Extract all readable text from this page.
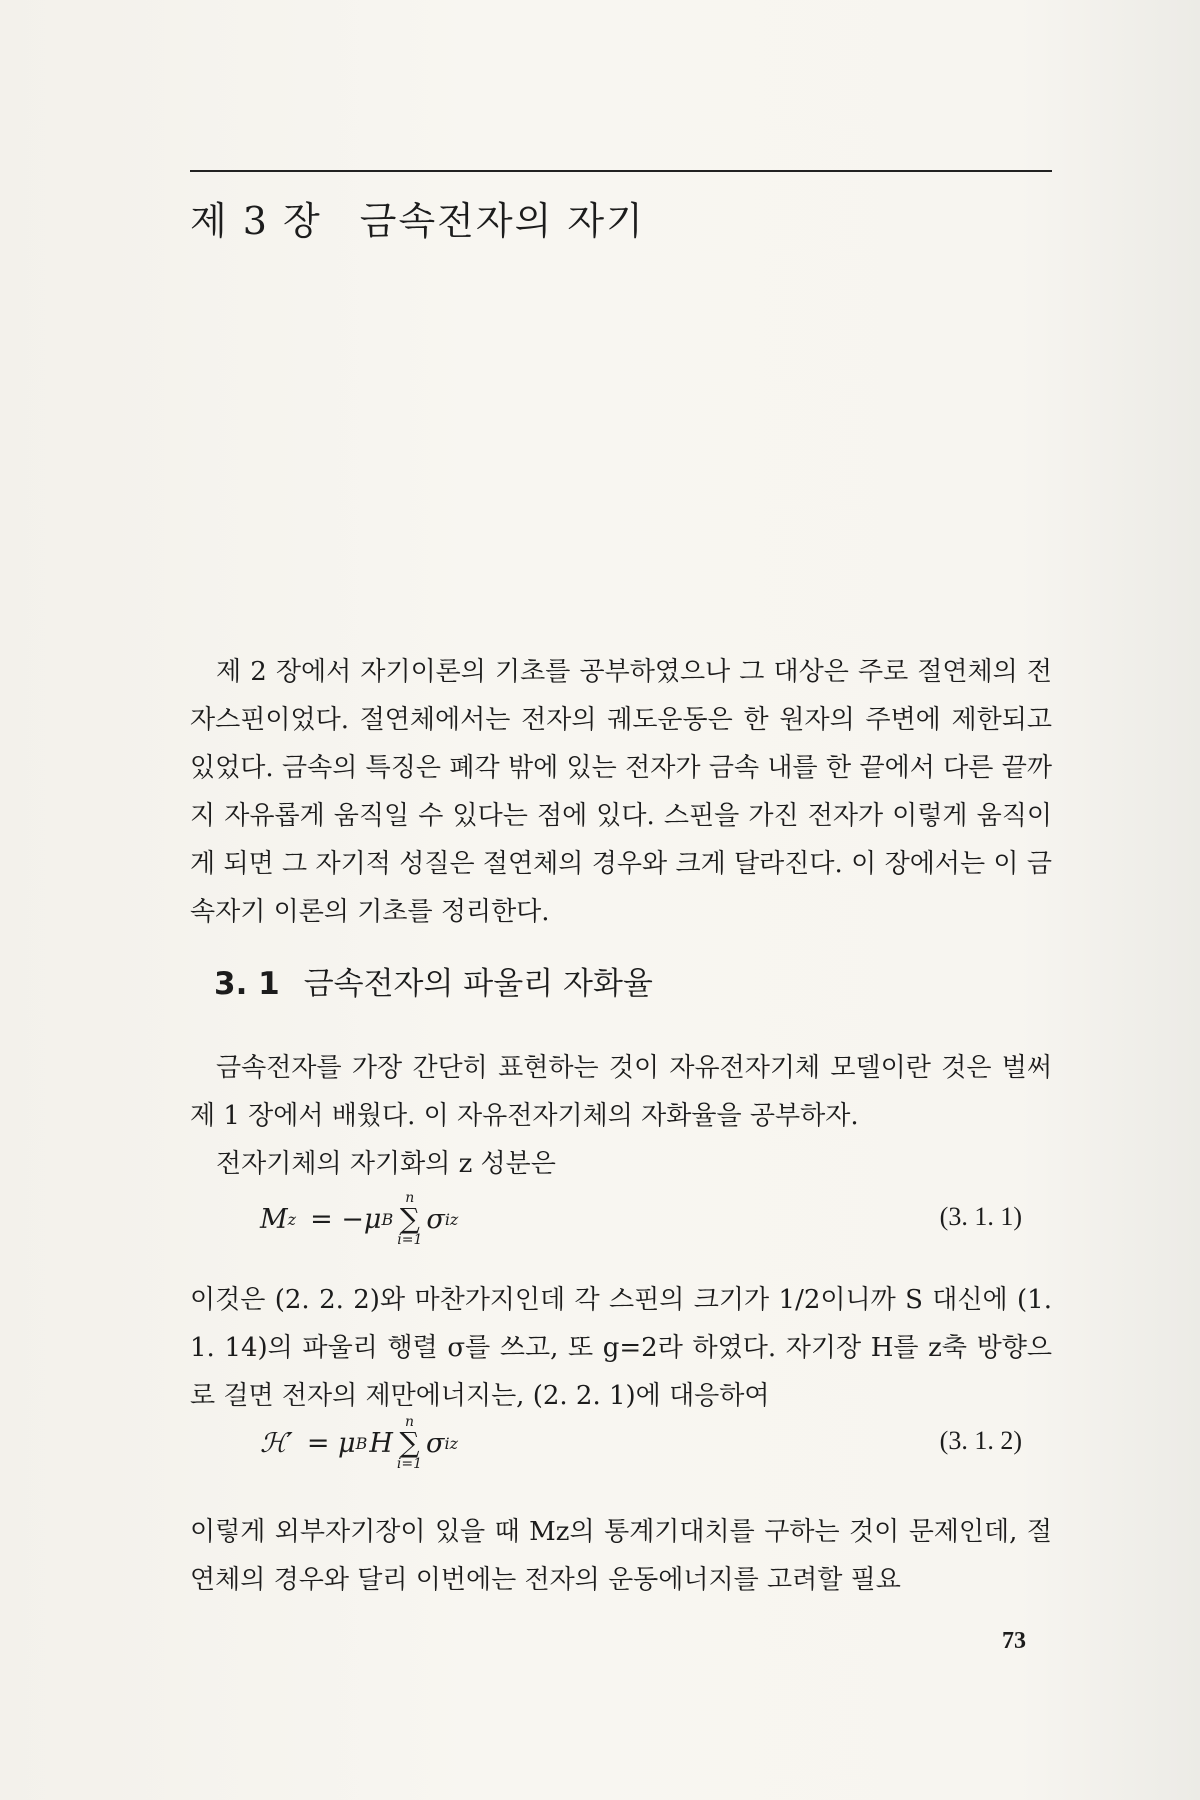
제 3 장 금속전자의 자기

제 2 장에서 자기이론의 기초를 공부하였으나 그 대상은 주로 절연체의 전자스핀이었다. 절연체에서는 전자의 궤도운동은 한 원자의 주변에 제한되고 있었다. 금속의 특징은 폐각 밖에 있는 전자가 금속 내를 한 끝에서 다른 끝까지 자유롭게 움직일 수 있다는 점에 있다. 스핀을 가진 전자가 이렇게 움직이게 되면 그 자기적 성질은 절연체의 경우와 크게 달라진다. 이 장에서는 이 금속자기 이론의 기초를 정리한다.

3. 1 금속전자의 파울리 자화율

금속전자를 가장 간단히 표현하는 것이 자유전자기체 모델이란 것은 벌써 제 1 장에서 배웠다. 이 자유전자기체의 자화율을 공부하자.

전자기체의 자기화의 z 성분은

M z = −μ B
n
∑
i=1
σ iz	(3. 1. 1)

이것은 (2. 2. 2)와 마찬가지인데 각 스핀의 크기가 1/2이니까 S 대신에 (1. 1. 14)의 파울리 행렬 σ를 쓰고, 또 g=2라 하였다. 자기장 H를 z축 방향으로 걸면 전자의 제만에너지는, (2. 2. 1)에 대응하여

ℋ′ = μ B H
n
∑
i=1
σ iz	(3. 1. 2)

이렇게 외부자기장이 있을 때 Mz의 통계기대치를 구하는 것이 문제인데, 절연체의 경우와 달리 이번에는 전자의 운동에너지를 고려할 필요

73
